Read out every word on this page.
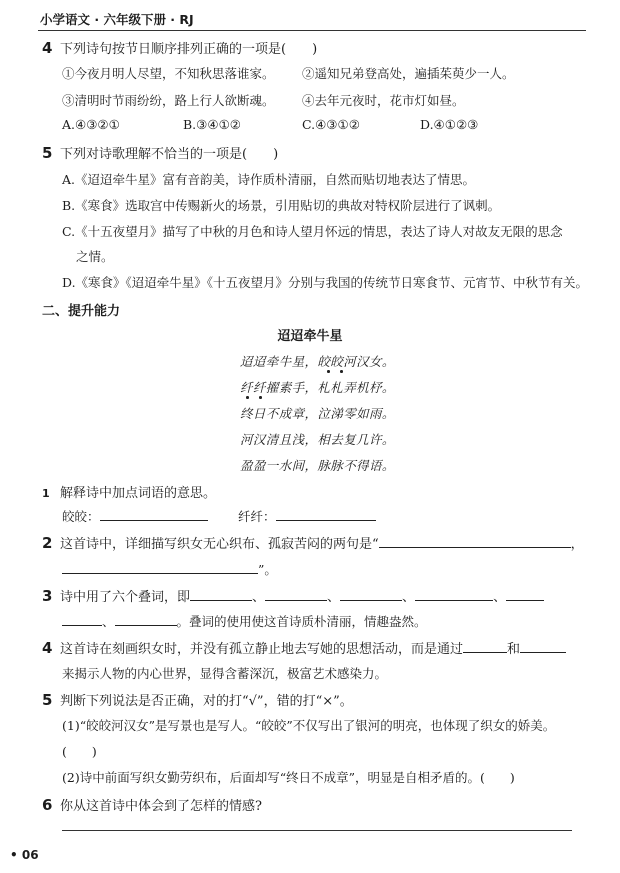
小学语文 · 六年级下册 · RJ
4 下列诗句按节日顺序排列正确的一项是(　　)
①今夜月明人尽望，不知秋思落谁家。 ②遥知兄弟登高处，遍插茱萸少一人。
③清明时节雨纷纷，路上行人欲断魂。 ④去年元夜时，花市灯如昼。
A.④③②①	B.③④①②	C.④③①②	D.④①②③
5 下列对诗歌理解不恰当的一项是(　　)
A.《迢迢牵牛星》富有音韵美，诗作质朴清丽，自然而贴切地表达了情思。
B.《寒食》选取宫中传赐新火的场景，引用贴切的典故对特权阶层进行了讽刺。
C.《十五夜望月》描写了中秋的月色和诗人望月怀远的情思，表达了诗人对故友无限的思念
之情。
D.《寒食》《迢迢牵牛星》《十五夜望月》分别与我国的传统节日寒食节、元宵节、中秋节有关。
二、提升能力
迢迢牵牛星
迢迢牵牛星，皎皎河汉女。
纤纤擢素手，札札弄机杼。
终日不成章，泣涕零如雨。
河汉清且浅，相去复几许。
盈盈一水间，脉脉不得语。
1 解释诗中加点词语的意思。
皎皎：	纤纤：
2 这首诗中，详细描写织女无心织布、孤寂苦闷的两句是“	，
”。
3 诗中用了六个叠词，即	、	、	、	、
、	。叠词的使用使这首诗质朴清丽，情趣盎然。
4 这首诗在刻画织女时，并没有孤立静止地去写她的思想活动，而是通过	和
来揭示人物的内心世界，显得含蓄深沉，极富艺术感染力。
5 判断下列说法是否正确，对的打“√”，错的打“×”。
(1)“皎皎河汉女”是写景也是写人。“皎皎”不仅写出了银河的明亮，也体现了织女的娇美。
(　　)
(2)诗中前面写织女勤劳织布，后面却写“终日不成章”，明显是自相矛盾的。(　　)
6 你从这首诗中体会到了怎样的情感?
• 06
